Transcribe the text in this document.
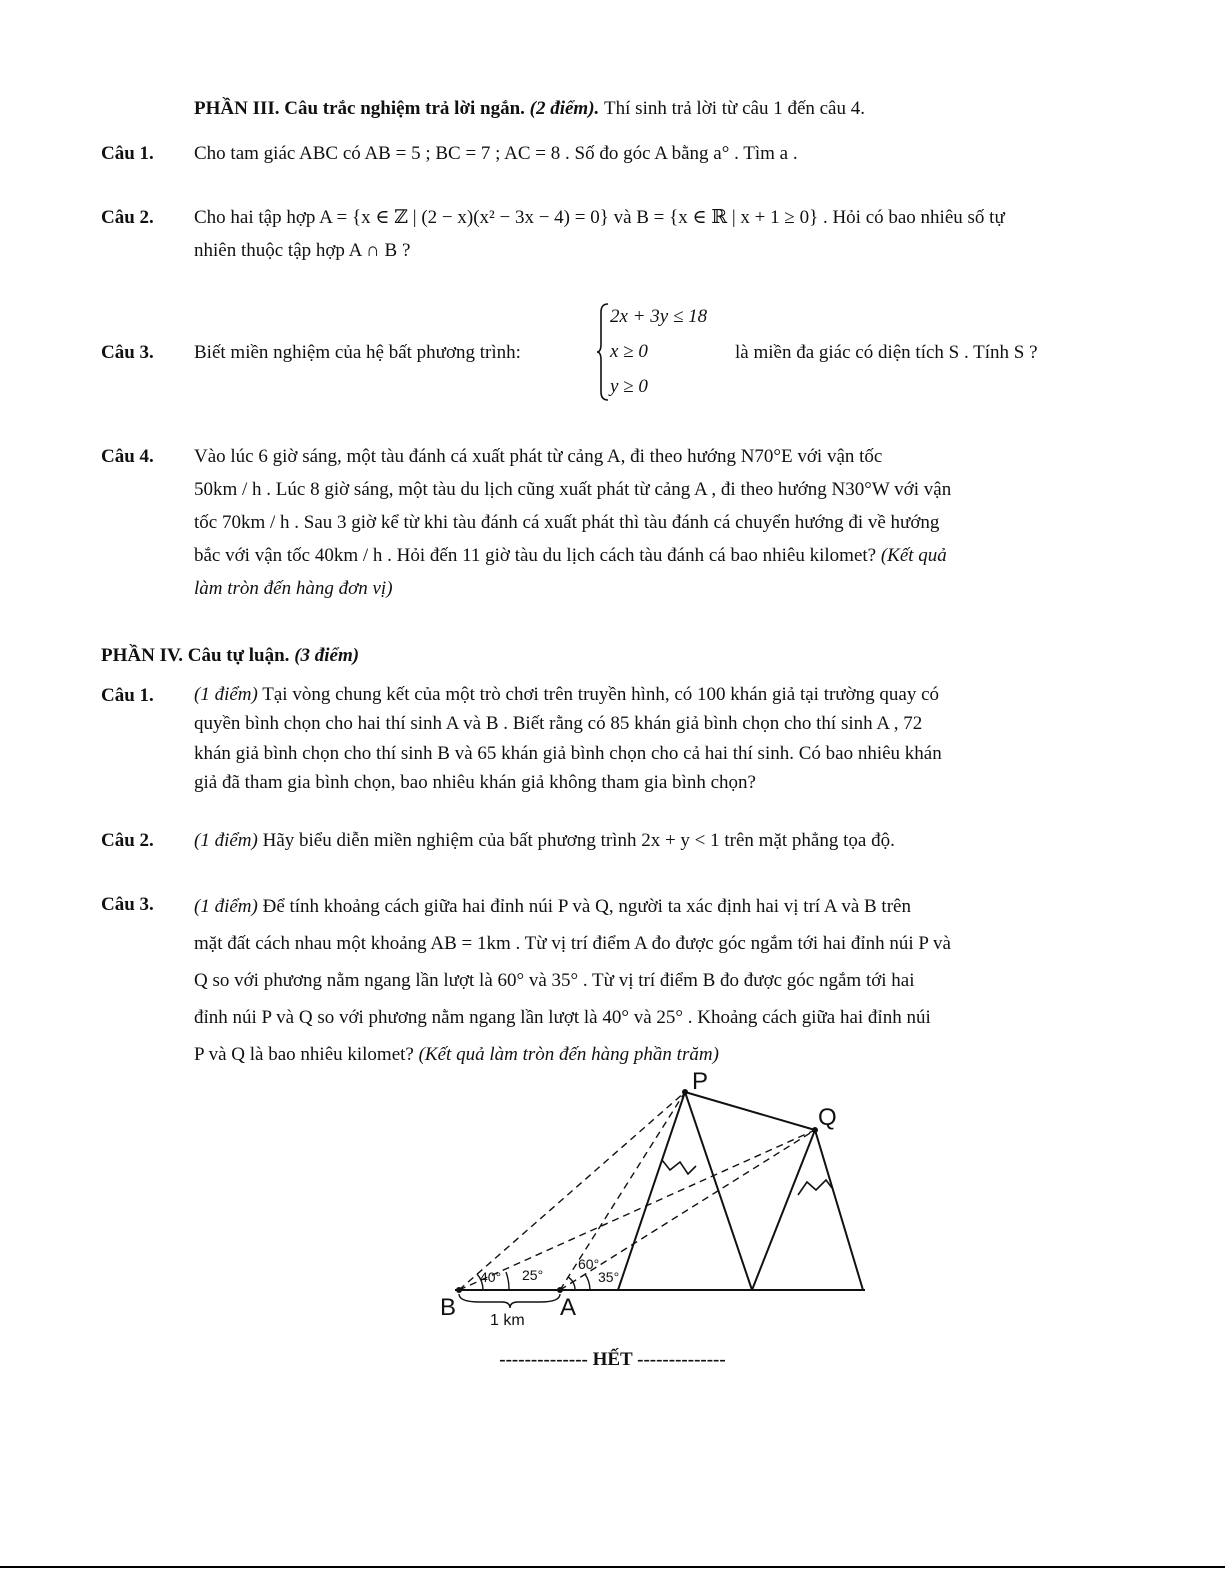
PHẦN III. Câu trắc nghiệm trả lời ngắn. (2 điểm). Thí sinh trả lời từ câu 1 đến câu 4.
Câu 1. Cho tam giác ABC có AB = 5 ; BC = 7 ; AC = 8 . Số đo góc A bằng a° . Tìm a .
Câu 2. Cho hai tập hợp A = {x ∈ ℤ | (2 − x)(x² − 3x − 4) = 0} và B = {x ∈ ℝ | x + 1 ≥ 0} . Hỏi có bao nhiêu số tự
nhiên thuộc tập hợp A ∩ B ?
Câu 3. Biết miền nghiệm của hệ bất phương trình:
2x + 3y ≤ 18
x ≥ 0
y ≥ 0
là miền đa giác có diện tích S . Tính S ?
Câu 4. Vào lúc 6 giờ sáng, một tàu đánh cá xuất phát từ cảng A, đi theo hướng N70°E với vận tốc
50km / h . Lúc 8 giờ sáng, một tàu du lịch cũng xuất phát từ cảng A , đi theo hướng N30°W với vận
tốc 70km / h . Sau 3 giờ kể từ khi tàu đánh cá xuất phát thì tàu đánh cá chuyển hướng đi về hướng
bắc với vận tốc 40km / h . Hỏi đến 11 giờ tàu du lịch cách tàu đánh cá bao nhiêu kilomet? (Kết quả
làm tròn đến hàng đơn vị)
PHẦN IV. Câu tự luận. (3 điểm)
Câu 1. (1 điểm) Tại vòng chung kết của một trò chơi trên truyền hình, có 100 khán giả tại trường quay có
quyền bình chọn cho hai thí sinh A và B . Biết rằng có 85 khán giả bình chọn cho thí sinh A , 72
khán giả bình chọn cho thí sinh B và 65 khán giả bình chọn cho cả hai thí sinh. Có bao nhiêu khán
giả đã tham gia bình chọn, bao nhiêu khán giả không tham gia bình chọn?
Câu 2. (1 điểm) Hãy biểu diễn miền nghiệm của bất phương trình 2x + y < 1 trên mặt phẳng tọa độ.
Câu 3. (1 điểm) Để tính khoảng cách giữa hai đỉnh núi P và Q, người ta xác định hai vị trí A và B trên
mặt đất cách nhau một khoảng AB = 1km . Từ vị trí điểm A đo được góc ngắm tới hai đỉnh núi P và
Q so với phương nằm ngang lần lượt là 60° và 35° . Từ vị trí điểm B đo được góc ngắm tới hai
đỉnh núi P và Q so với phương nằm ngang lần lượt là 40° và 25° . Khoảng cách giữa hai đỉnh núi
P và Q là bao nhiêu kilomet? (Kết quả làm tròn đến hàng phần trăm)
P
Q
B	A
1 km
40° 25°
60°
35°
-------------- HẾT --------------
